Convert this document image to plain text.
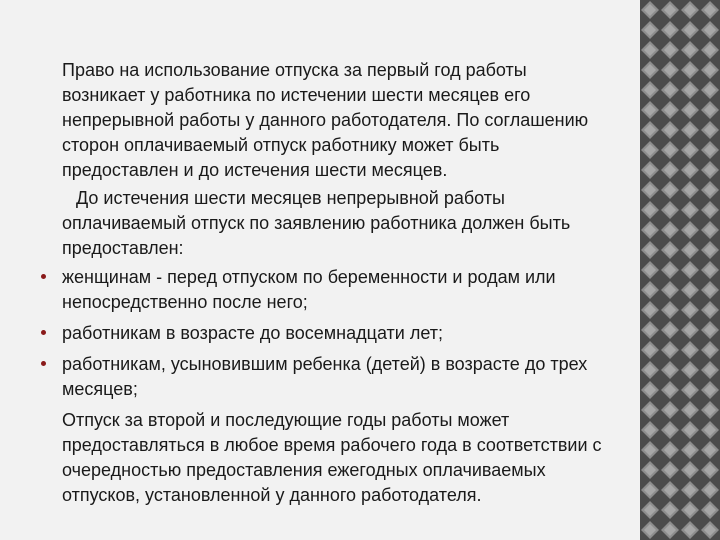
Право на использование отпуска за первый год работы возникает у работника по истечении шести месяцев его непрерывной работы у данного работодателя. По соглашению сторон оплачиваемый отпуск работнику может быть предоставлен и до истечения шести месяцев.

До истечения шести месяцев непрерывной работы оплачиваемый отпуск по заявлению работника должен быть предоставлен:

женщинам - перед отпуском по беременности и родам или непосредственно после него;
работникам в возрасте до восемнадцати лет;
работникам, усыновившим ребенка (детей) в возрасте до трех месяцев;

Отпуск за второй и последующие годы работы может предоставляться в любое время рабочего года в соответствии с очередностью предоставления ежегодных оплачиваемых отпусков, установленной у данного работодателя.
